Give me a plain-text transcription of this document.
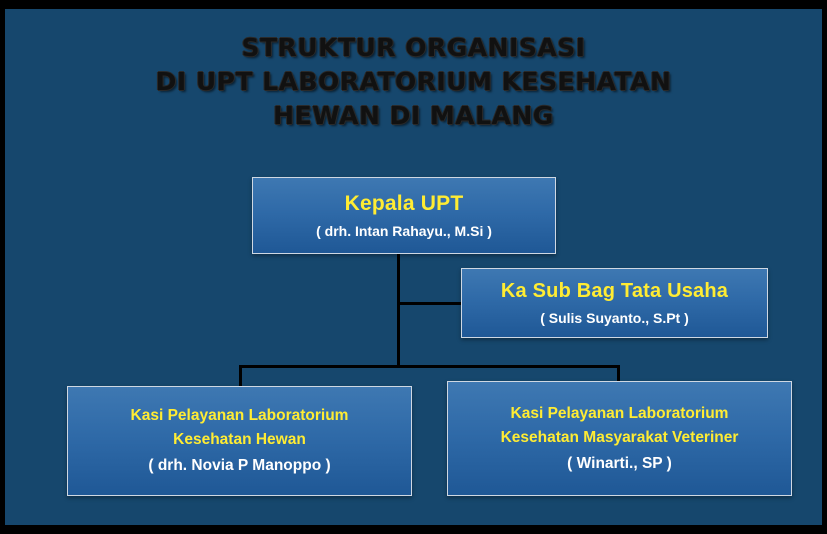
STRUKTUR ORGANISASI
DI UPT LABORATORIUM KESEHATAN
HEWAN DI MALANG
Kepala UPT
( drh. Intan Rahayu., M.Si )
Ka Sub Bag Tata Usaha
( Sulis Suyanto., S.Pt )
Kasi Pelayanan Laboratorium
Kesehatan Hewan
( drh. Novia P Manoppo )
Kasi Pelayanan Laboratorium
Kesehatan Masyarakat Veteriner
( Winarti., SP )
